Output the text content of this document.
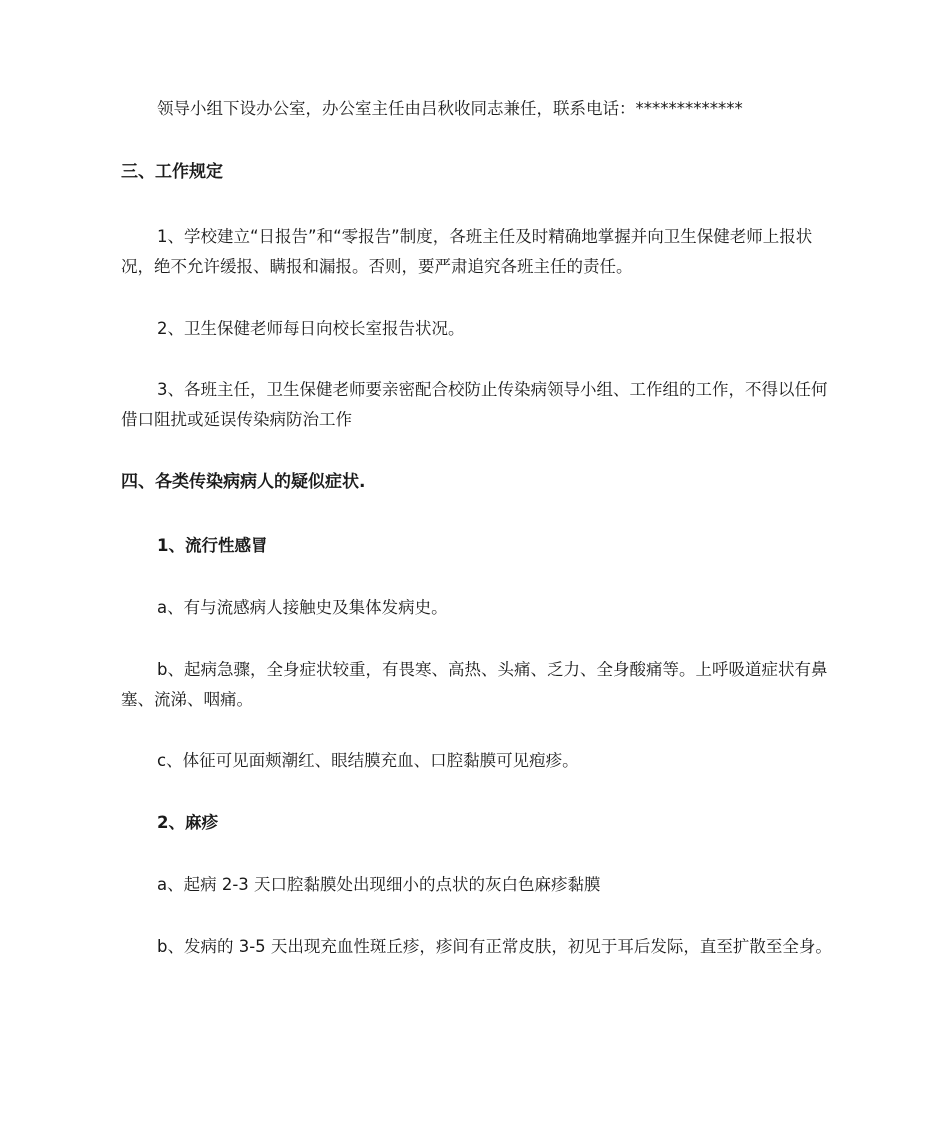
领导小组下设办公室，办公室主任由吕秋收同志兼任，联系电话：*************

三、工作规定

1、学校建立“日报告”和“零报告”制度，各班主任及时精确地掌握并向卫生保健老师上报状况，绝不允许缓报、瞒报和漏报。否则，要严肃追究各班主任的责任。

2、卫生保健老师每日向校长室报告状况。

3、各班主任，卫生保健老师要亲密配合校防止传染病领导小组、工作组的工作，不得以任何借口阻扰或延误传染病防治工作

四、各类传染病病人的疑似症状.

1、流行性感冒

a、有与流感病人接触史及集体发病史。

b、起病急骤，全身症状较重，有畏寒、高热、头痛、乏力、全身酸痛等。上呼吸道症状有鼻塞、流涕、咽痛。

c、体征可见面颊潮红、眼结膜充血、口腔黏膜可见疱疹。

2、麻疹

a、起病 2-3 天口腔黏膜处出现细小的点状的灰白色麻疹黏膜

b、发病的 3-5 天出现充血性斑丘疹，疹间有正常皮肤，初见于耳后发际，直至扩散至全身。
